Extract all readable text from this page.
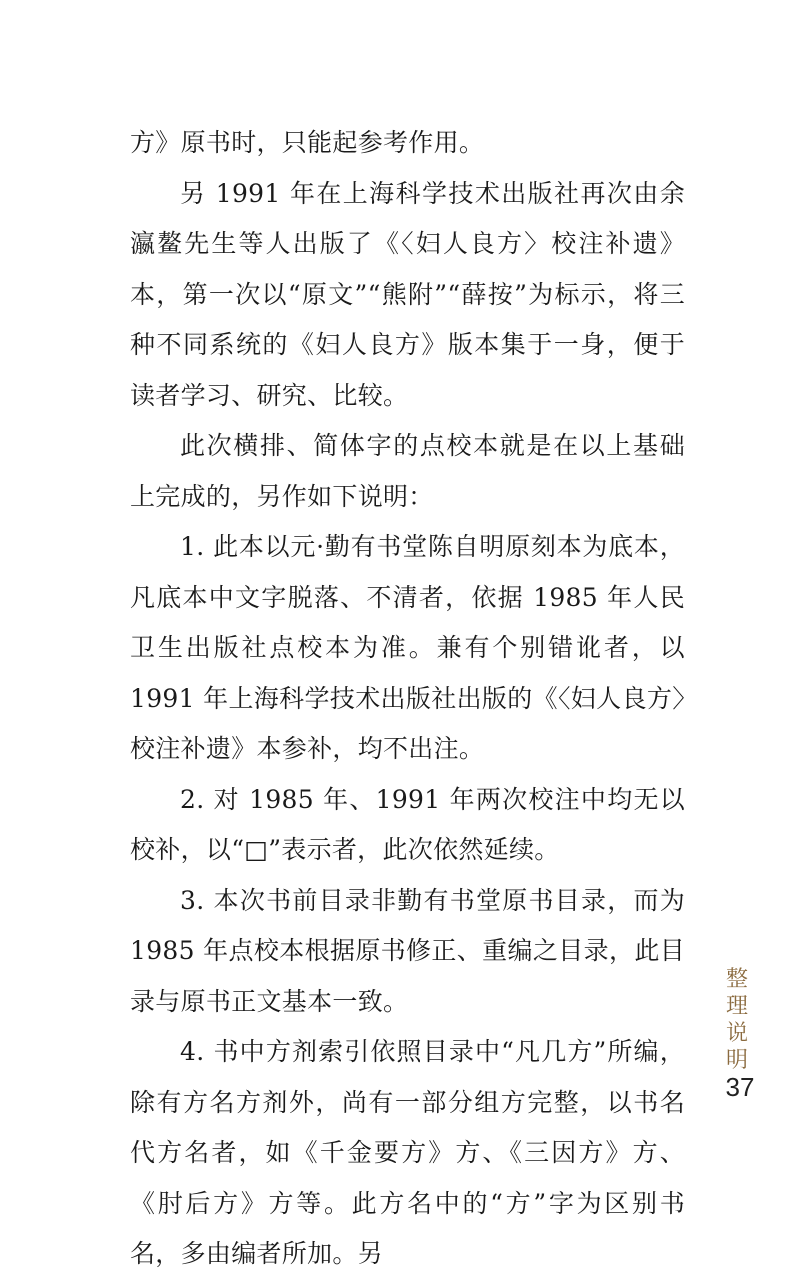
方》原书时，只能起参考作用。

另 1991 年在上海科学技术出版社再次由余瀛鳌先生等人出版了《〈妇人良方〉校注补遗》本，第一次以“原文”“熊附”“薛按”为标示，将三种不同系统的《妇人良方》版本集于一身，便于读者学习、研究、比较。

此次横排、简体字的点校本就是在以上基础上完成的，另作如下说明：

1. 此本以元·勤有书堂陈自明原刻本为底本，凡底本中文字脱落、不清者，依据 1985 年人民卫生出版社点校本为准。兼有个别错讹者，以 1991 年上海科学技术出版社出版的《〈妇人良方〉校注补遗》本参补，均不出注。

2. 对 1985 年、1991 年两次校注中均无以校补，以“□”表示者，此次依然延续。

3. 本次书前目录非勤有书堂原书目录，而为 1985 年点校本根据原书修正、重编之目录，此目录与原书正文基本一致。

4. 书中方剂索引依照目录中“凡几方”所编，除有方名方剂外，尚有一部分组方完整，以书名代方名者，如《千金要方》方、《三因方》方、《肘后方》方等。此方名中的“方”字为区别书名，多由编者所加。另

整理说明
37
